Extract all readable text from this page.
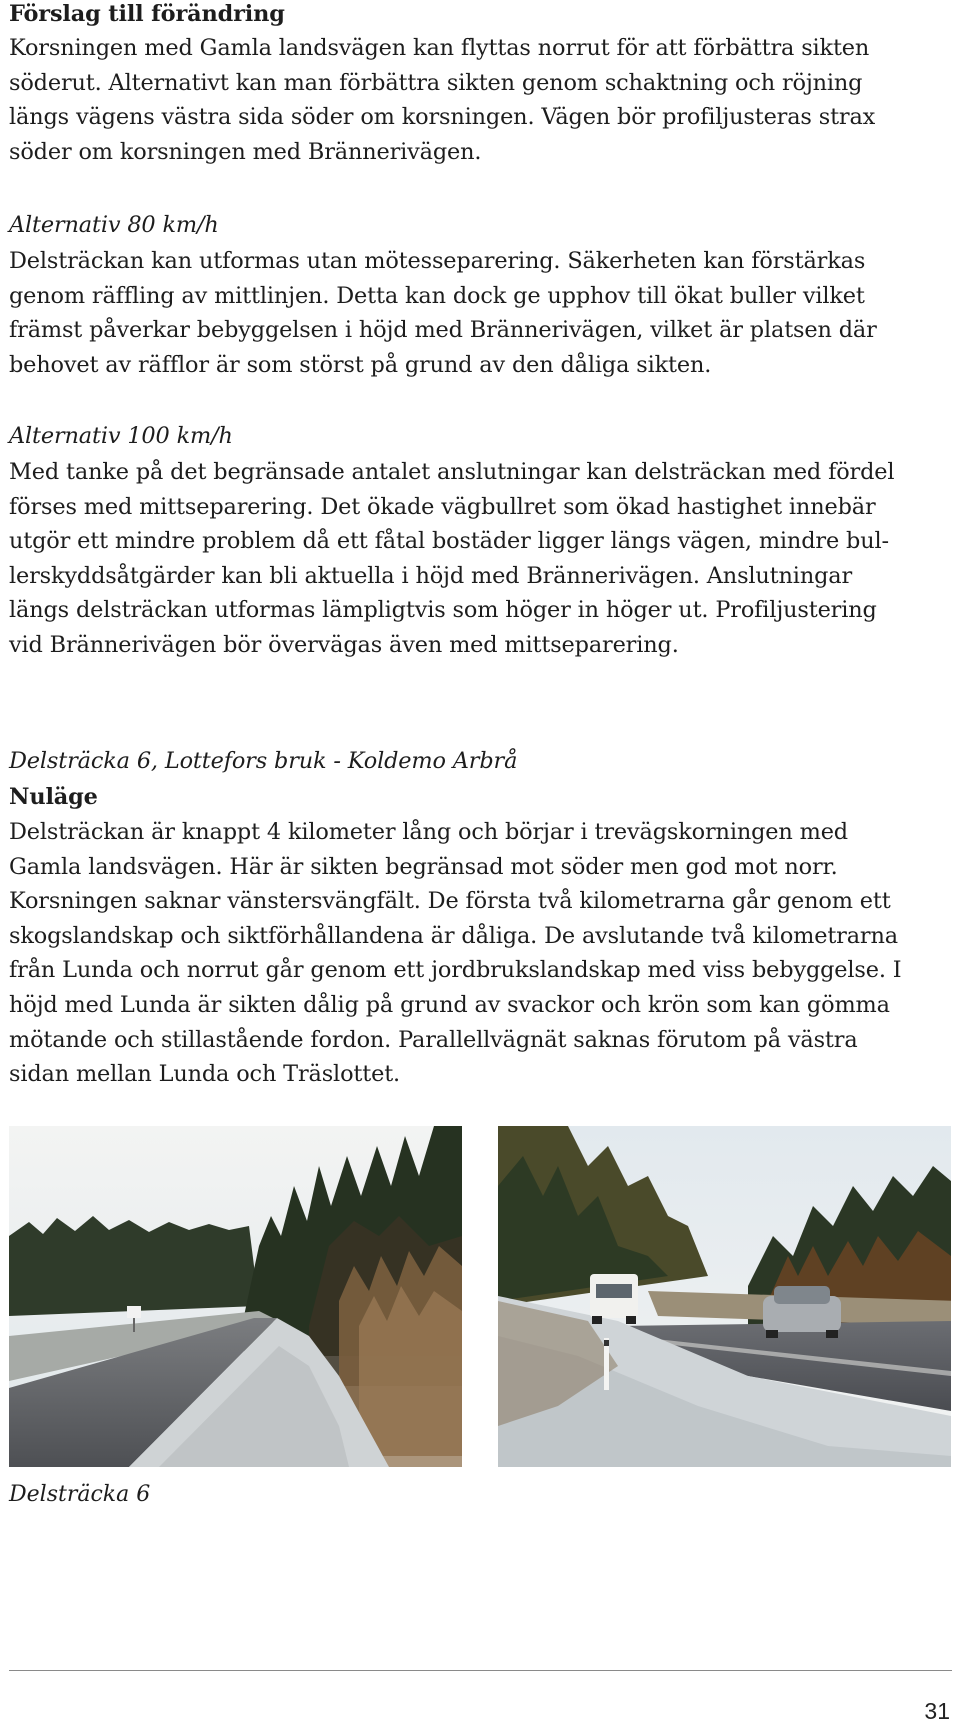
Förslag till förändring

Korsningen med Gamla landsvägen kan flyttas norrut för att förbättra sikten

söderut. Alternativt kan man förbättra sikten genom schaktning och röjning

längs vägens västra sida söder om korsningen. Vägen bör profiljusteras strax

söder om korsningen med Brännerivägen.

Alternativ 80 km/h

Delsträckan kan utformas utan mötesseparering. Säkerheten kan förstärkas

genom räffling av mittlinjen. Detta kan dock ge upphov till ökat buller vilket

främst påverkar bebyggelsen i höjd med Brännerivägen, vilket är platsen där

behovet av räfflor är som störst på grund av den dåliga sikten.

Alternativ 100 km/h

Med tanke på det begränsade antalet anslutningar kan delsträckan med fördel

förses med mittseparering. Det ökade vägbullret som ökad hastighet innebär

utgör ett mindre problem då ett fåtal bostäder ligger längs vägen, mindre bul-

lerskyddsåtgärder kan bli aktuella i höjd med Brännerivägen. Anslutningar

längs delsträckan utformas lämpligtvis som höger in höger ut. Profiljustering

vid Brännerivägen bör övervägas även med mittseparering.

Delsträcka 6, Lottefors bruk - Koldemo Arbrå
Nuläge

Delsträckan är knappt 4 kilometer lång och börjar i trevägskorningen med

Gamla landsvägen. Här är sikten begränsad mot söder men god mot norr.

Korsningen saknar vänstersvängfält. De första två kilometrarna går genom ett

skogslandskap och siktförhållandena är dåliga. De avslutande två kilometrarna

från Lunda och norrut går genom ett jordbrukslandskap med viss bebyggelse. I

höjd med Lunda är sikten dålig på grund av svackor och krön som kan gömma

mötande och stillastående fordon. Parallellvägnät saknas förutom på västra

sidan mellan Lunda och Träslottet.

Delsträcka 6
31
